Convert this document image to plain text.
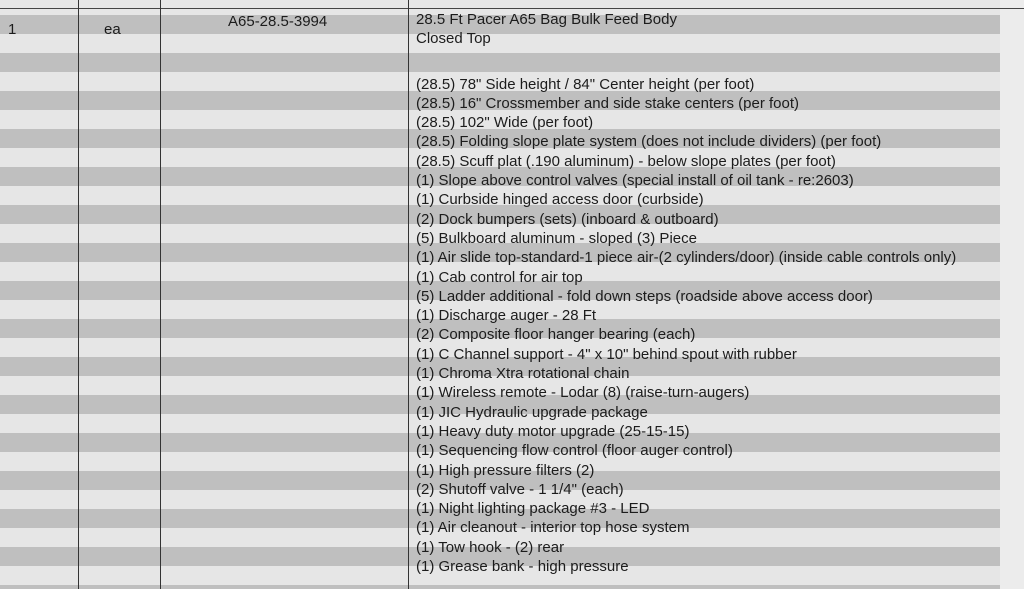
1	ea	A65-28.5-3994	28.5 Ft Pacer A65 Bag Bulk Feed Body
Closed Top
(28.5) 78" Side height / 84" Center height (per foot)
(28.5) 16" Crossmember and side stake centers (per foot)
(28.5) 102" Wide (per foot)
(28.5) Folding slope plate system (does not include dividers) (per foot)
(28.5) Scuff plat (.190 aluminum) - below slope plates (per foot)
(1) Slope above control valves (special install of oil tank - re:2603)
(1) Curbside hinged access door (curbside)
(2) Dock bumpers (sets) (inboard & outboard)
(5) Bulkboard aluminum - sloped (3) Piece
(1) Air slide top-standard-1 piece air-(2 cylinders/door) (inside cable controls only)
(1) Cab control for air top
(5) Ladder additional - fold down steps (roadside above access door)
(1) Discharge auger - 28 Ft
(2) Composite floor hanger bearing (each)
(1) C Channel support - 4" x 10" behind spout with rubber
(1) Chroma Xtra rotational chain
(1) Wireless remote - Lodar (8) (raise-turn-augers)
(1) JIC Hydraulic upgrade package
(1) Heavy duty motor upgrade (25-15-15)
(1) Sequencing flow control (floor auger control)
(1) High pressure filters (2)
(2) Shutoff valve - 1 1/4" (each)
(1) Night lighting package #3 - LED
(1) Air cleanout - interior top hose system
(1) Tow hook - (2) rear
(1) Grease bank - high pressure
